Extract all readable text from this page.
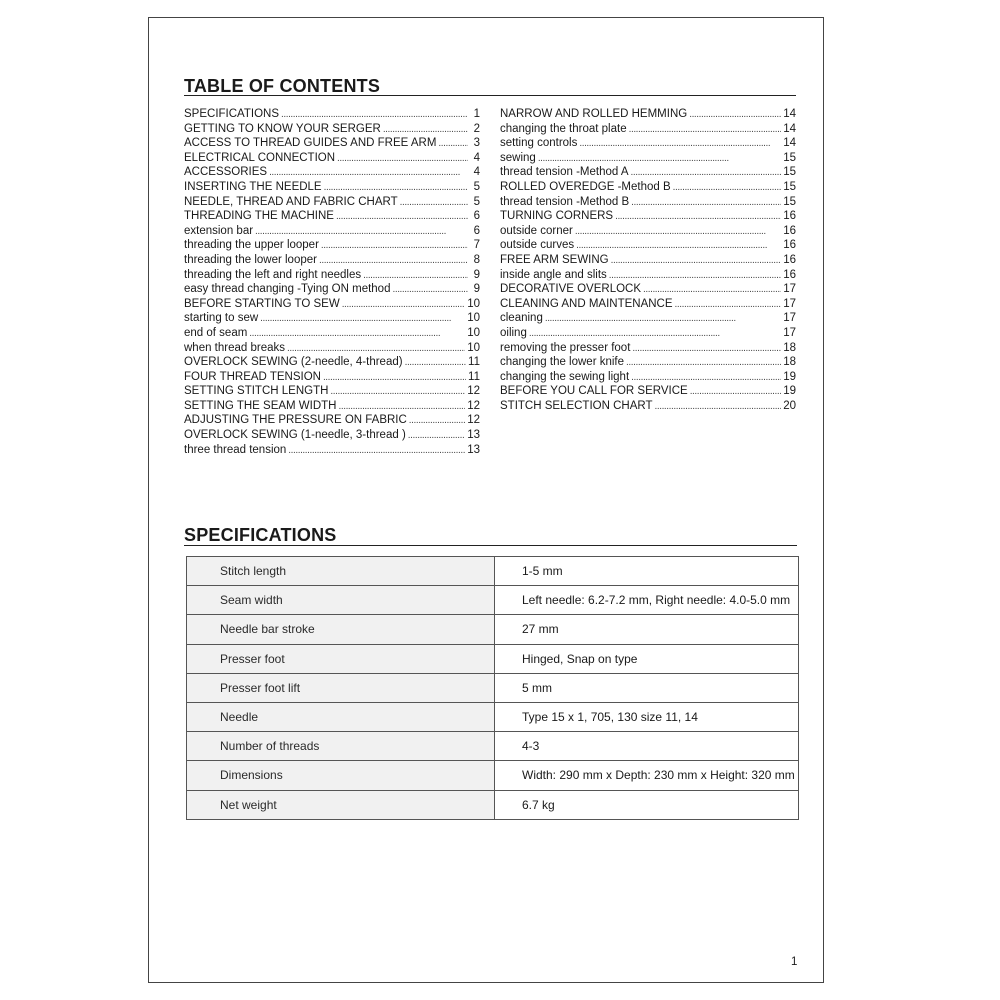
TABLE OF CONTENTS
SPECIFICATIONS . . .	1
GETTING TO KNOW YOUR SERGER . . .	2
ACCESS TO THREAD GUIDES AND FREE ARM . . .	3
ELECTRICAL CONNECTION . . .	4
ACCESSORIES . . .	4
INSERTING THE NEEDLE . . .	5
NEEDLE, THREAD AND FABRIC CHART . . .	5
THREADING THE MACHINE . . .	6
extension bar . . .	6
threading the upper looper . . .	7
threading the lower looper . . .	8
threading the left and right needles . . .	9
easy thread changing -Tying ON method . . .	9
BEFORE STARTING TO SEW . . .	10
starting to sew . . .	10
end of seam . . .	10
when thread breaks . . .	10
OVERLOCK SEWING (2-needle, 4-thread) . . .	11
FOUR THREAD TENSION . . .	11
SETTING STITCH LENGTH . . .	12
SETTING THE SEAM WIDTH . . .	12
ADJUSTING THE PRESSURE ON FABRIC . . .	12
OVERLOCK SEWING (1-needle, 3-thread ) . . .	13
three thread tension . . .	13
NARROW AND ROLLED HEMMING . . .	14
changing the throat plate . . .	14
setting controls . . .	14
sewing . . .	15
thread tension -Method A . . .	15
ROLLED OVEREDGE -Method B . . .	15
thread tension -Method B . . .	15
TURNING CORNERS . . .	16
outside corner . . .	16
outside curves . . .	16
FREE ARM SEWING . . .	16
inside angle and slits . . .	16
DECORATIVE OVERLOCK . . .	17
CLEANING AND MAINTENANCE . . .	17
cleaning . . .	17
oiling . . .	17
removing the presser foot . . .	18
changing the lower knife . . .	18
changing the sewing light . . .	19
BEFORE YOU CALL FOR SERVICE . . .	19
STITCH SELECTION CHART . . .	20
SPECIFICATIONS
Stitch length	1-5 mm
Seam width	Left needle: 6.2-7.2 mm, Right needle: 4.0-5.0 mm
Needle bar stroke	27 mm
Presser foot	Hinged, Snap on type
Presser foot lift	5 mm
Needle	Type 15 x 1, 705, 130 size 11, 14
Number of threads	4-3
Dimensions	Width: 290 mm x Depth: 230 mm x Height: 320 mm
Net weight	6.7 kg
1
